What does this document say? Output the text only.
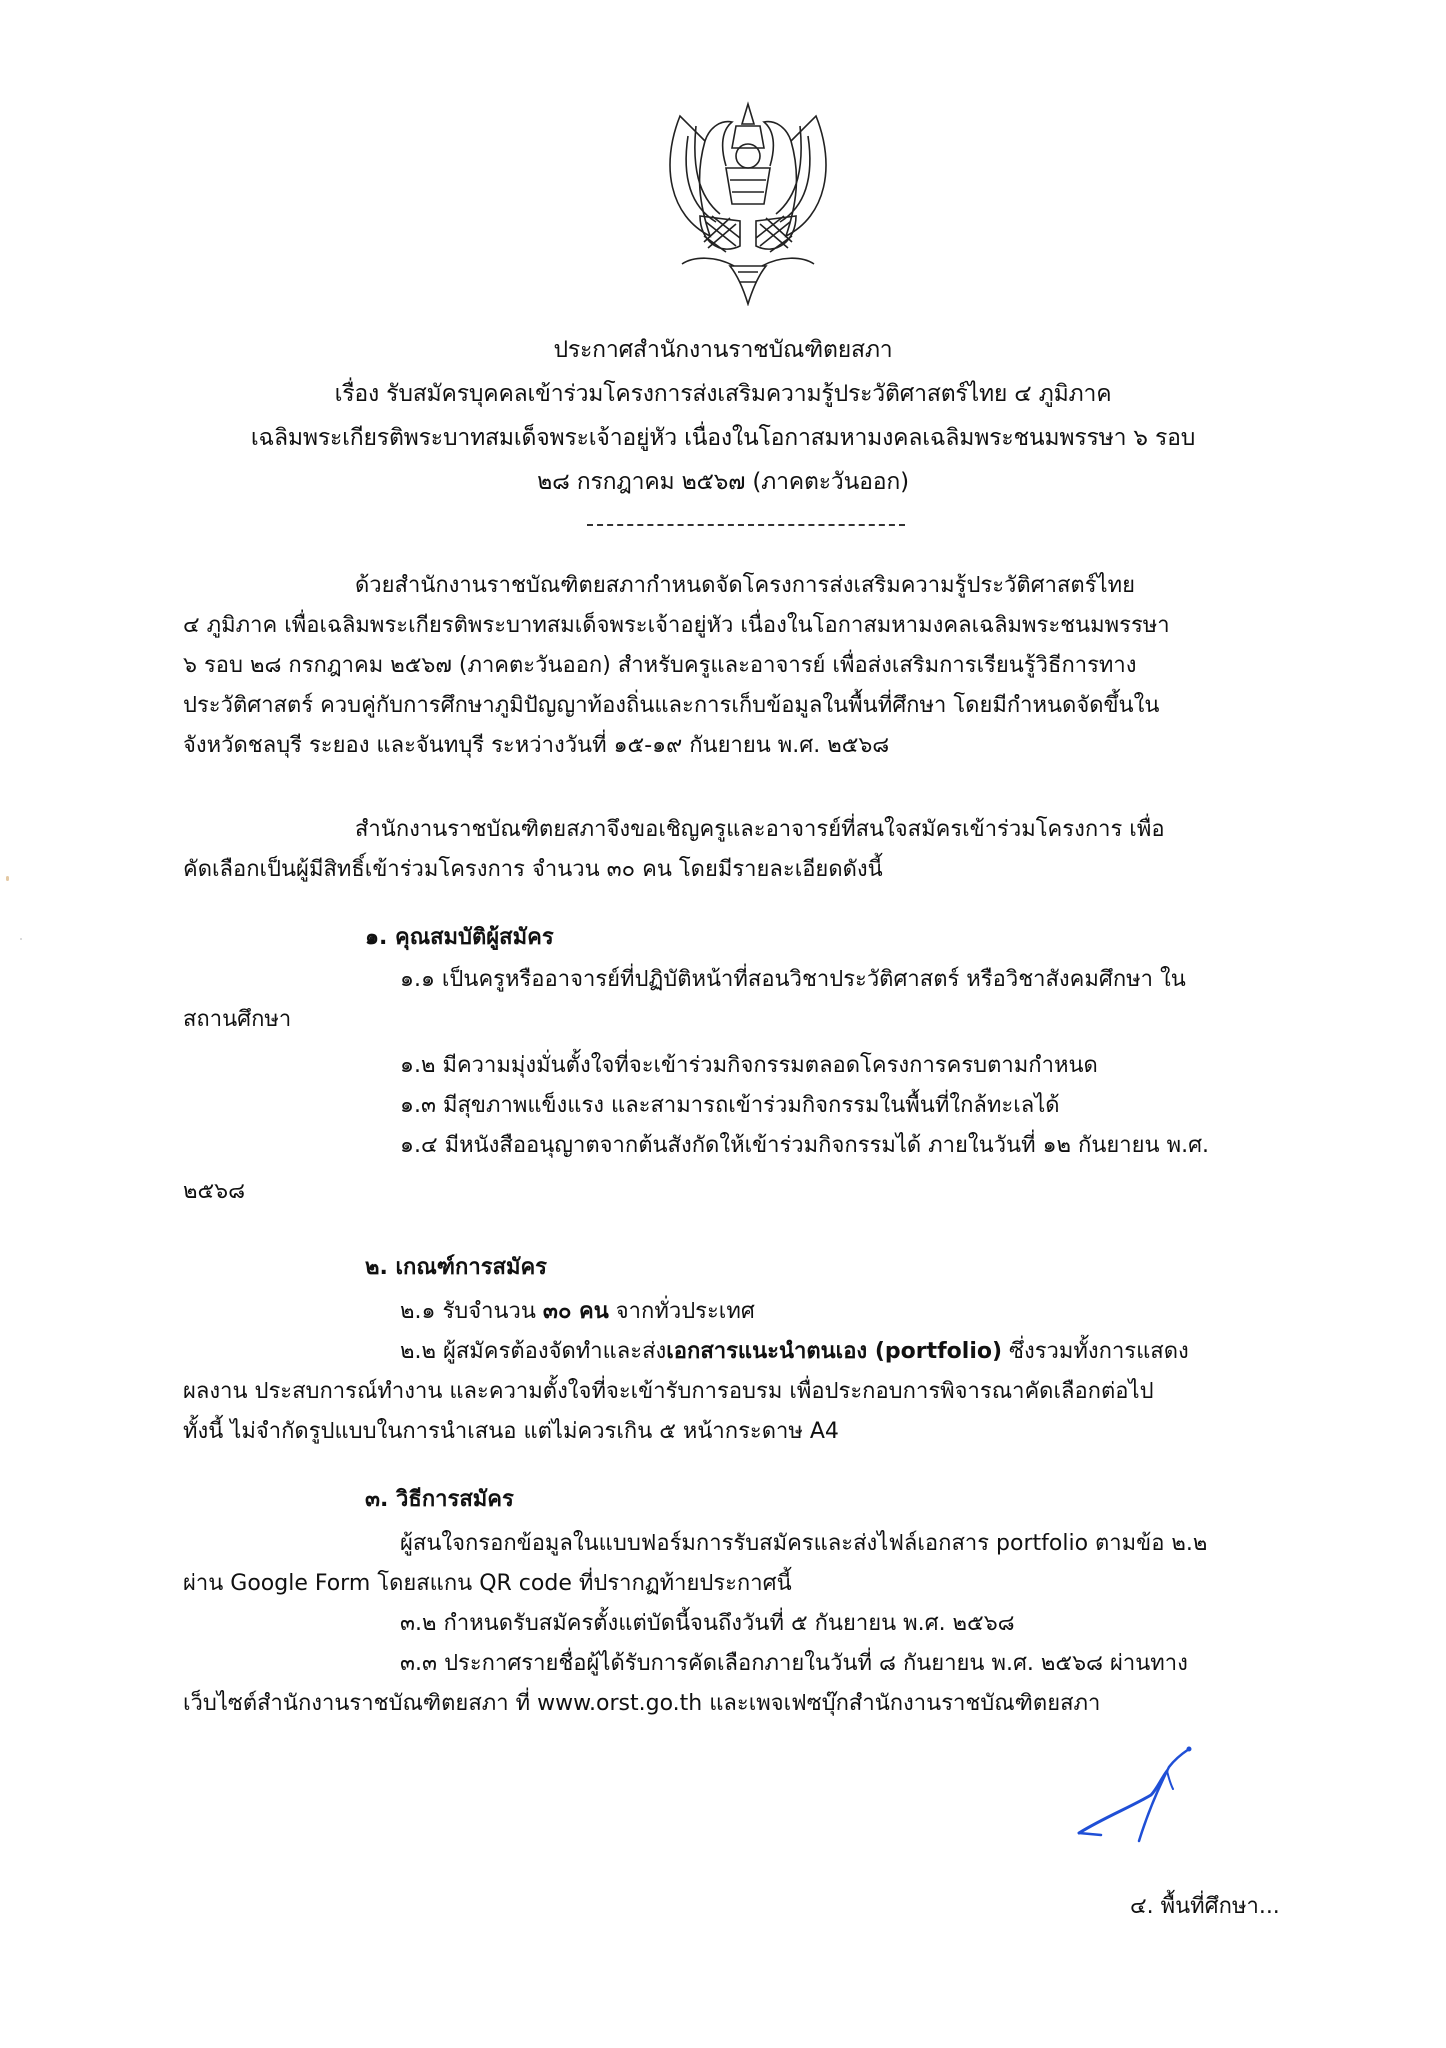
ประกาศสำนักงานราชบัณฑิตยสภา
เรื่อง รับสมัครบุคคลเข้าร่วมโครงการส่งเสริมความรู้ประวัติศาสตร์ไทย ๔ ภูมิภาค
เฉลิมพระเกียรติพระบาทสมเด็จพระเจ้าอยู่หัว เนื่องในโอกาสมหามงคลเฉลิมพระชนมพรรษา ๖ รอบ
๒๘ กรกฎาคม ๒๕๖๗ (ภาคตะวันออก)
ด้วยสำนักงานราชบัณฑิตยสภากำหนดจัดโครงการส่งเสริมความรู้ประวัติศาสตร์ไทย
๔ ภูมิภาค เพื่อเฉลิมพระเกียรติพระบาทสมเด็จพระเจ้าอยู่หัว เนื่องในโอกาสมหามงคลเฉลิมพระชนมพรรษา
๖ รอบ ๒๘ กรกฎาคม ๒๕๖๗ (ภาคตะวันออก) สำหรับครูและอาจารย์ เพื่อส่งเสริมการเรียนรู้วิธีการทาง
ประวัติศาสตร์ ควบคู่กับการศึกษาภูมิปัญญาท้องถิ่นและการเก็บข้อมูลในพื้นที่ศึกษา โดยมีกำหนดจัดขึ้นใน
จังหวัดชลบุรี ระยอง และจันทบุรี ระหว่างวันที่ ๑๕-๑๙ กันยายน พ.ศ. ๒๕๖๘
สำนักงานราชบัณฑิตยสภาจึงขอเชิญครูและอาจารย์ที่สนใจสมัครเข้าร่วมโครงการ เพื่อ
คัดเลือกเป็นผู้มีสิทธิ์เข้าร่วมโครงการ จำนวน ๓๐ คน โดยมีรายละเอียดดังนี้
๑. คุณสมบัติผู้สมัคร
๑.๑ เป็นครูหรืออาจารย์ที่ปฏิบัติหน้าที่สอนวิชาประวัติศาสตร์ หรือวิชาสังคมศึกษา ใน
สถานศึกษา
๑.๒ มีความมุ่งมั่นตั้งใจที่จะเข้าร่วมกิจกรรมตลอดโครงการครบตามกำหนด
๑.๓ มีสุขภาพแข็งแรง และสามารถเข้าร่วมกิจกรรมในพื้นที่ใกล้ทะเลได้
๑.๔ มีหนังสืออนุญาตจากต้นสังกัดให้เข้าร่วมกิจกรรมได้ ภายในวันที่ ๑๒ กันยายน พ.ศ.
๒๕๖๘
๒. เกณฑ์การสมัคร
๒.๑ รับจำนวน ๓๐ คน จากทั่วประเทศ
๒.๒ ผู้สมัครต้องจัดทำและส่งเอกสารแนะนำตนเอง (portfolio) ซึ่งรวมทั้งการแสดง
ผลงาน ประสบการณ์ทำงาน และความตั้งใจที่จะเข้ารับการอบรม เพื่อประกอบการพิจารณาคัดเลือกต่อไป
ทั้งนี้ ไม่จำกัดรูปแบบในการนำเสนอ แต่ไม่ควรเกิน ๕ หน้ากระดาษ A4
๓. วิธีการสมัคร
ผู้สนใจกรอกข้อมูลในแบบฟอร์มการรับสมัครและส่งไฟล์เอกสาร portfolio ตามข้อ ๒.๒
ผ่าน Google Form โดยสแกน QR code ที่ปรากฏท้ายประกาศนี้
๓.๒ กำหนดรับสมัครตั้งแต่บัดนี้จนถึงวันที่ ๕ กันยายน พ.ศ. ๒๕๖๘
๓.๓ ประกาศรายชื่อผู้ได้รับการคัดเลือกภายในวันที่ ๘ กันยายน พ.ศ. ๒๕๖๘ ผ่านทาง
เว็บไซต์สำนักงานราชบัณฑิตยสภา ที่ www.orst.go.th และเพจเฟซบุ๊กสำนักงานราชบัณฑิตยสภา
๔. พื้นที่ศึกษา...
